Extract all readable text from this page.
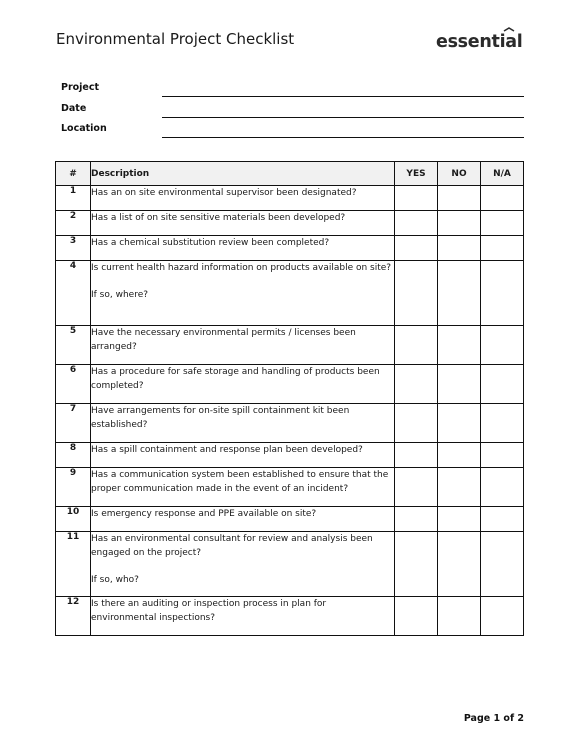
Environmental Project Checklist	essential
Project
Date
Location
#	Description	YES	NO	N/A
1	Has an on site environmental supervisor been designated?			
2	Has a list of on site sensitive materials been developed?			
3	Has a chemical substitution review been completed?			
4	Is current health hazard information on products available on site?
If so, where?			

5	Have the necessary environmental permits / licenses been arranged?			
6	Has a procedure for safe storage and handling of products been completed?			
7	Have arrangements for on-site spill containment kit been established?			
8	Has a spill containment and response plan been developed?			
9	Has a communication system been established to ensure that the proper communication made in the event of an incident?			
10	Is emergency response and PPE available on site?			
11	Has an environmental consultant for review and analysis been engaged on the project?
If so, who?			

12	Is there an auditing or inspection process in plan for environmental inspections?			
Page 1 of 2
